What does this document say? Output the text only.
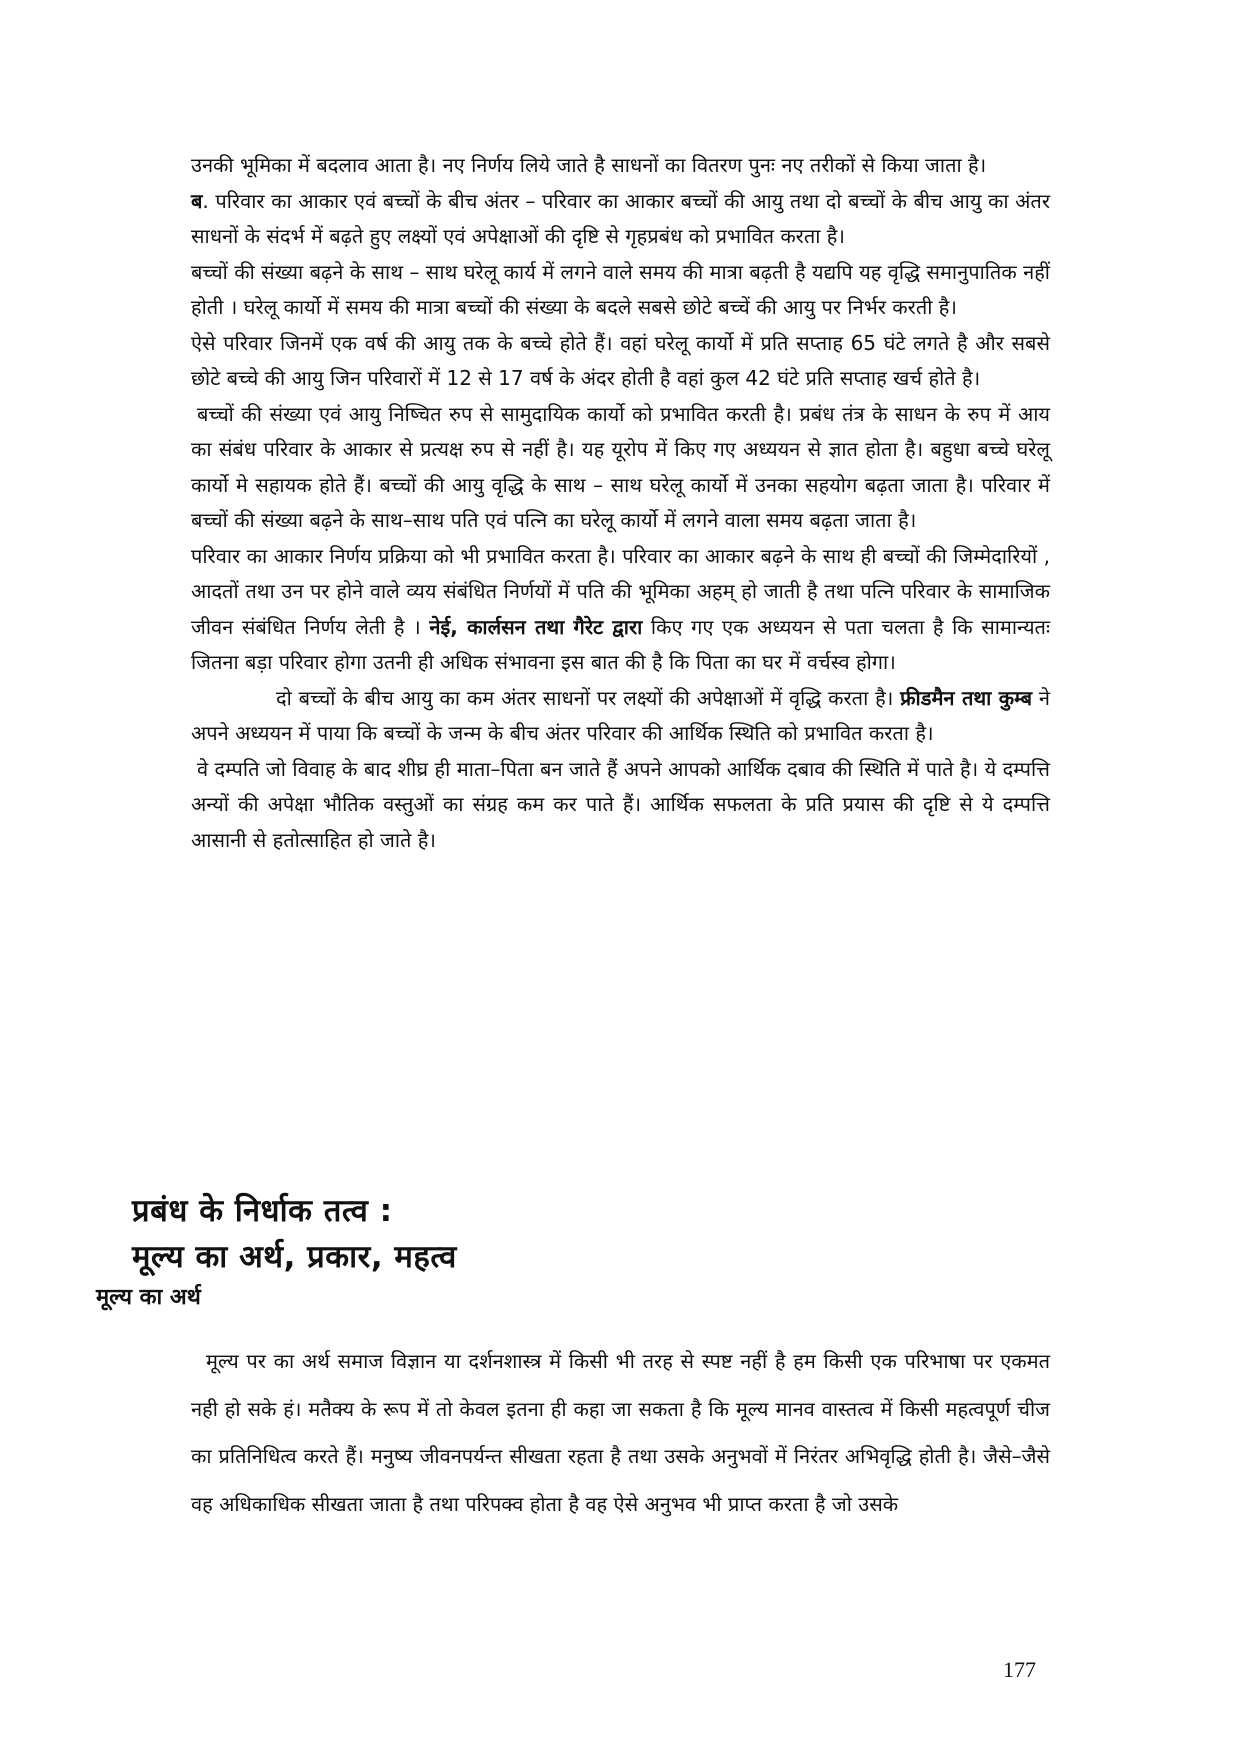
उनकी भूमिका में बदलाव आता है। नए निर्णय लिये जाते है साधनों का वितरण पुनः नए तरीकों से किया जाता है।

ब. परिवार का आकार एवं बच्चों के बीच अंतर – परिवार का आकार बच्चों की आयु तथा दो बच्चों के बीच आयु का अंतर साधनों के संदर्भ में बढ़ते हुए लक्ष्यों एवं अपेक्षाओं की दृष्टि से गृहप्रबंध को प्रभावित करता है।

बच्चों की संख्या बढ़ने के साथ – साथ घरेलू कार्य में लगने वाले समय की मात्रा बढ़ती है यद्यपि यह वृद्धि समानुपातिक नहीं होती । घरेलू कार्यो में समय की मात्रा बच्चों की संख्या के बदले सबसे छोटे बच्चें की आयु पर निर्भर करती है।

ऐसे परिवार जिनमें एक वर्ष की आयु तक के बच्चे होते हैं। वहां घरेलू कार्यो में प्रति सप्ताह 65 घंटे लगते है और सबसे छोटे बच्चे की आयु जिन परिवारों में 12 से 17 वर्ष के अंदर होती है वहां कुल 42 घंटे प्रति सप्ताह खर्च होते है।

बच्चों की संख्या एवं आयु निष्चित रुप से सामुदायिक कार्यो को प्रभावित करती है। प्रबंध तंत्र के साधन के रुप में आय का संबंध परिवार के आकार से प्रत्यक्ष रुप से नहीं है। यह यूरोप में किए गए अध्ययन से ज्ञात होता है। बहुधा बच्चे घरेलू कार्यो मे सहायक होते हैं। बच्चों की आयु वृद्धि के साथ – साथ घरेलू कार्यो में उनका सहयोग बढ़ता जाता है। परिवार में बच्चों की संख्या बढ़ने के साथ–साथ पति एवं पत्नि का घरेलू कार्यो में लगने वाला समय बढ़ता जाता है।

परिवार का आकार निर्णय प्रक्रिया को भी प्रभावित करता है। परिवार का आकार बढ़ने के साथ ही बच्चों की जिम्मेदारियों , आदतों तथा उन पर होने वाले व्यय संबंधित निर्णयों में पति की भूमिका अहम् हो जाती है तथा पत्नि परिवार के सामाजिक जीवन संबंधित निर्णय लेती है । नेई, कार्लसन तथा गैरेट द्वारा किए गए एक अध्ययन से पता चलता है कि सामान्यतः जितना बड़ा परिवार होगा उतनी ही अधिक संभावना इस बात की है कि पिता का घर में वर्चस्व होगा।

दो बच्चों के बीच आयु का कम अंतर साधनों पर लक्ष्यों की अपेक्षाओं में वृद्धि करता है। फ्रीडमैन तथा कुम्ब ने अपने अध्ययन में पाया कि बच्चों के जन्म के बीच अंतर परिवार की आर्थिक स्थिति को प्रभावित करता है।

वे दम्पति जो विवाह के बाद शीघ्र ही माता–पिता बन जाते हैं अपने आपको आर्थिक दबाव की स्थिति में पाते है। ये दम्पत्ति अन्यों की अपेक्षा भौतिक वस्तुओं का संग्रह कम कर पाते हैं। आर्थिक सफलता के प्रति प्रयास की दृष्टि से ये दम्पत्ति आसानी से हतोत्साहित हो जाते है।

प्रबंध के निर्धाक तत्व :
मूल्य का अर्थ, प्रकार, महत्व
मूल्य का अर्थ

मूल्य पर का अर्थ समाज विज्ञान या दर्शनशास्त्र में किसी भी तरह से स्पष्ट नहीं है हम किसी एक परिभाषा पर एकमत नही हो सके हं। मतैक्य के रूप में तो केवल इतना ही कहा जा सकता है कि मूल्य मानव वास्तत्व में किसी महत्वपूर्ण चीज का प्रतिनिधित्व करते हैं। मनुष्य जीवनपर्यन्त सीखता रहता है तथा उसके अनुभवों में निरंतर अभिवृद्धि होती है। जैसे–जैसे वह अधिकाधिक सीखता जाता है तथा परिपक्व होता है वह ऐसे अनुभव भी प्राप्त करता है जो उसके

177
